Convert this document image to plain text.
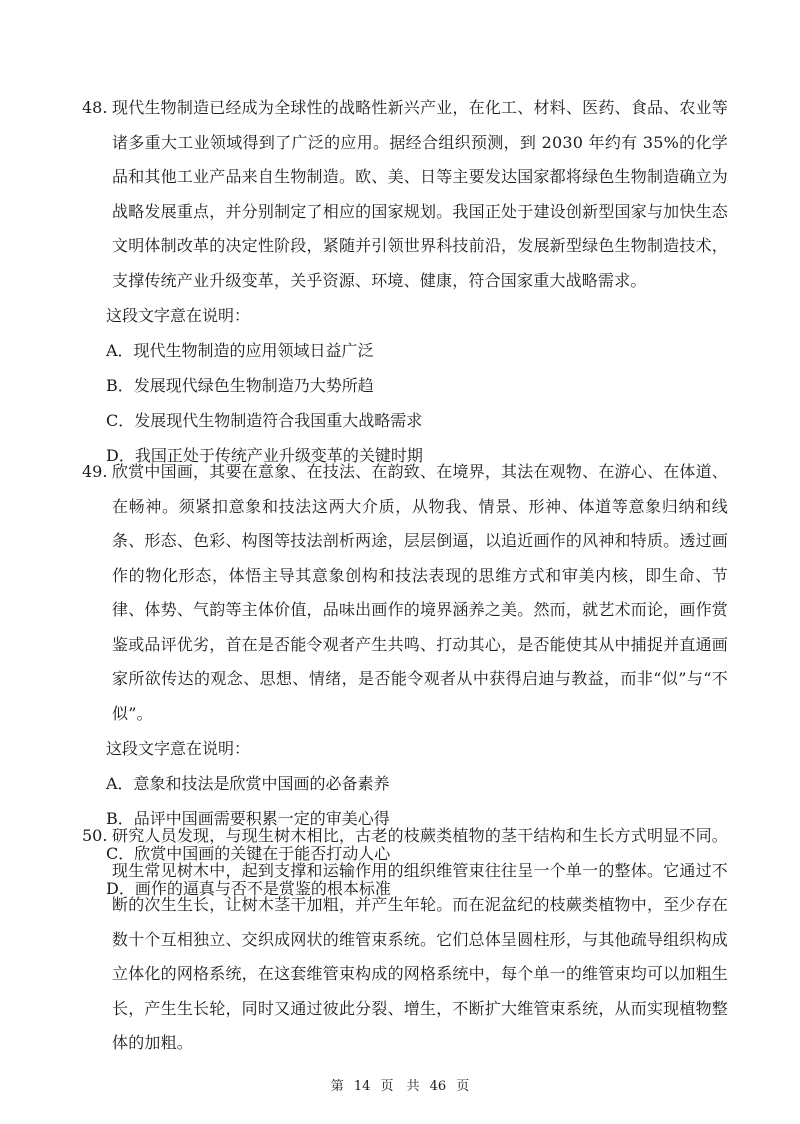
48. 现代生物制造已经成为全球性的战略性新兴产业，在化工、材料、医药、食品、农业等诸多重大工业领域得到了广泛的应用。据经合组织预测，到 2030 年约有 35%的化学品和其他工业产品来自生物制造。欧、美、日等主要发达国家都将绿色生物制造确立为战略发展重点，并分别制定了相应的国家规划。我国正处于建设创新型国家与加快生态文明体制改革的决定性阶段，紧随并引领世界科技前沿，发展新型绿色生物制造技术，支撑传统产业升级变革，关乎资源、环境、健康，符合国家重大战略需求。

这段文字意在说明：
A．现代生物制造的应用领域日益广泛
B．发展现代绿色生物制造乃大势所趋
C．发展现代生物制造符合我国重大战略需求
D．我国正处于传统产业升级变革的关键时期
49. 欣赏中国画，其要在意象、在技法、在韵致、在境界，其法在观物、在游心、在体道、在畅神。须紧扣意象和技法这两大介质，从物我、情景、形神、体道等意象归纳和线条、形态、色彩、构图等技法剖析两途，层层倒逼，以追近画作的风神和特质。透过画作的物化形态，体悟主导其意象创构和技法表现的思维方式和审美内核，即生命、节律、体势、气韵等主体价值，品味出画作的境界涵养之美。然而，就艺术而论，画作赏鉴或品评优劣，首在是否能令观者产生共鸣、打动其心，是否能使其从中捕捉并直通画家所欲传达的观念、思想、情绪，是否能令观者从中获得启迪与教益，而非“似”与“不似”。

这段文字意在说明：
A．意象和技法是欣赏中国画的必备素养
B．品评中国画需要积累一定的审美心得
C．欣赏中国画的关键在于能否打动人心
D．画作的逼真与否不是赏鉴的根本标准
50. 研究人员发现，与现生树木相比，古老的枝蕨类植物的茎干结构和生长方式明显不同。现生常见树木中，起到支撑和运输作用的组织维管束往往呈一个单一的整体。它通过不断的次生生长，让树木茎干加粗，并产生年轮。而在泥盆纪的枝蕨类植物中，至少存在数十个互相独立、交织成网状的维管束系统。它们总体呈圆柱形，与其他疏导组织构成立体化的网格系统，在这套维管束构成的网格系统中，每个单一的维管束均可以加粗生长，产生生长轮，同时又通过彼此分裂、增生，不断扩大维管束系统，从而实现植物整体的加粗。

第 14 页　共 46 页
